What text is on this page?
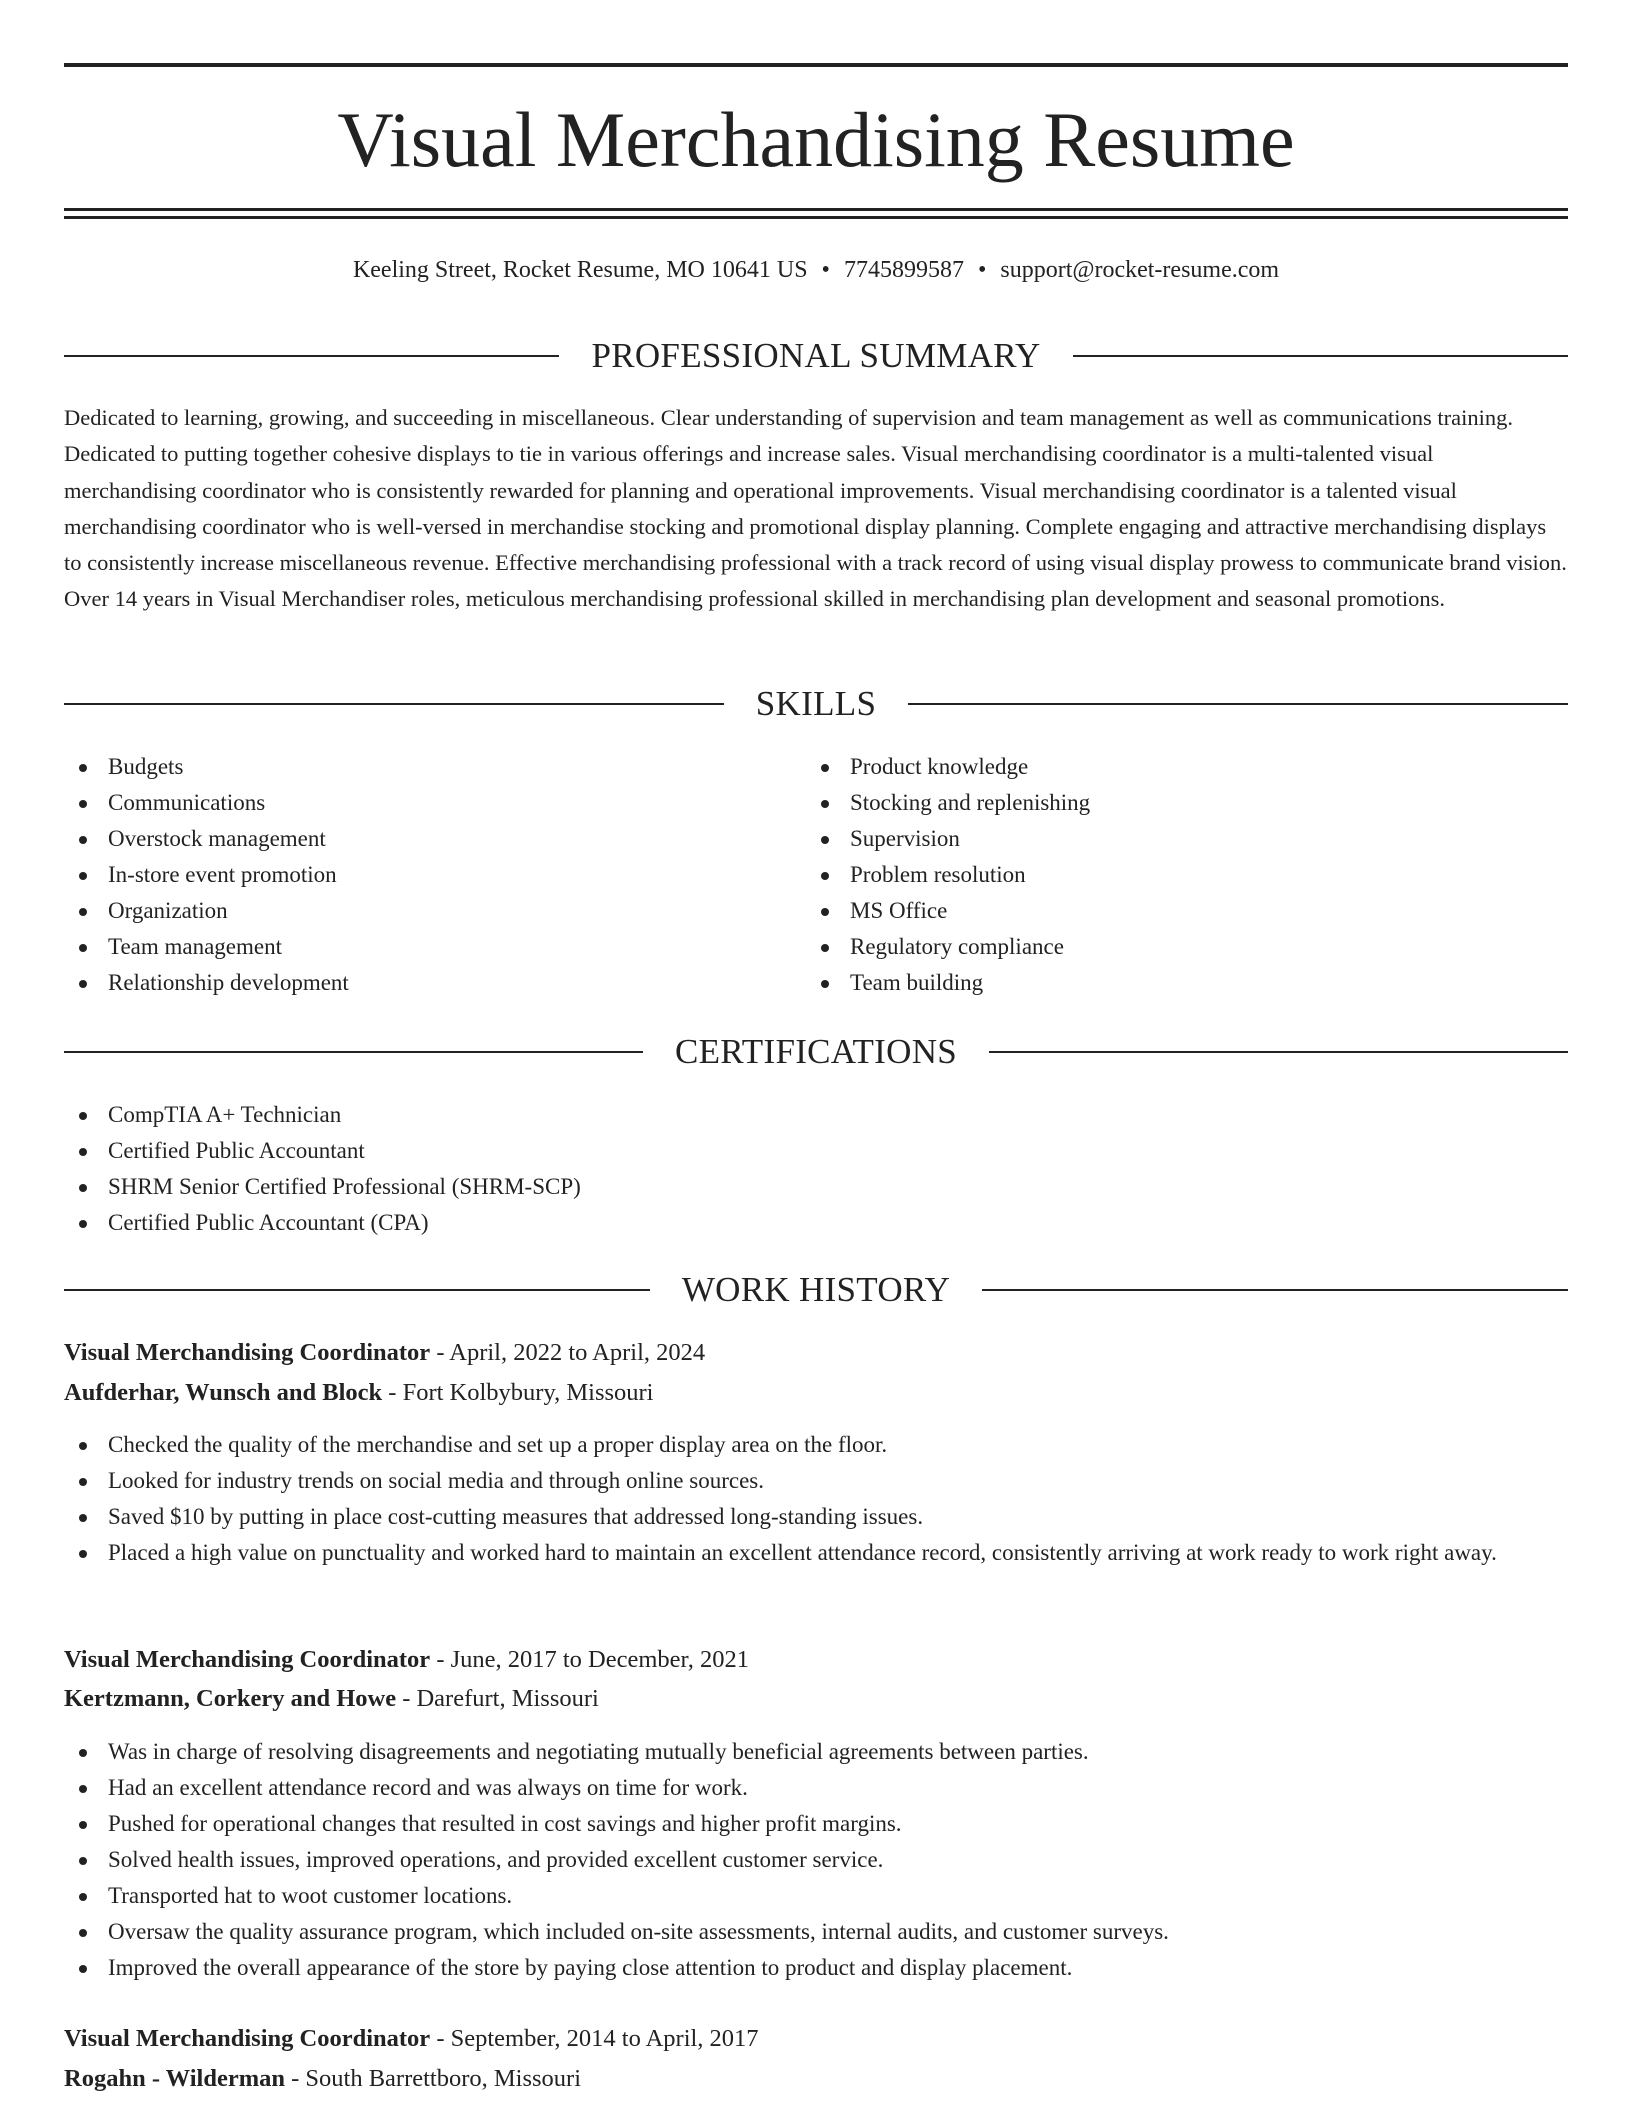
Visual Merchandising Resume
Keeling Street, Rocket Resume, MO 10641 US • 7745899587 • support@rocket-resume.com
PROFESSIONAL SUMMARY

Dedicated to learning, growing, and succeeding in miscellaneous. Clear understanding of supervision and team management as well as communications training. Dedicated to putting together cohesive displays to tie in various offerings and increase sales. Visual merchandising coordinator is a multi-talented visual merchandising coordinator who is consistently rewarded for planning and operational improvements. Visual merchandising coordinator is a talented visual merchandising coordinator who is well-versed in merchandise stocking and promotional display planning. Complete engaging and attractive merchandising displays to consistently increase miscellaneous revenue. Effective merchandising professional with a track record of using visual display prowess to communicate brand vision. Over 14 years in Visual Merchandiser roles, meticulous merchandising professional skilled in merchandising plan development and seasonal promotions.

SKILLS
Budgets
Communications
Overstock management
In-store event promotion
Organization
Team management
Relationship development
Product knowledge
Stocking and replenishing
Supervision
Problem resolution
MS Office
Regulatory compliance
Team building
CERTIFICATIONS
CompTIA A+ Technician
Certified Public Accountant
SHRM Senior Certified Professional (SHRM-SCP)
Certified Public Accountant (CPA)
WORK HISTORY
Visual Merchandising Coordinator - April, 2022 to April, 2024
Aufderhar, Wunsch and Block - Fort Kolbybury, Missouri
Checked the quality of the merchandise and set up a proper display area on the floor.
Looked for industry trends on social media and through online sources.
Saved $10 by putting in place cost-cutting measures that addressed long-standing issues.
Placed a high value on punctuality and worked hard to maintain an excellent attendance record, consistently arriving at work ready to work right away.
Visual Merchandising Coordinator - June, 2017 to December, 2021
Kertzmann, Corkery and Howe - Darefurt, Missouri
Was in charge of resolving disagreements and negotiating mutually beneficial agreements between parties.
Had an excellent attendance record and was always on time for work.
Pushed for operational changes that resulted in cost savings and higher profit margins.
Solved health issues, improved operations, and provided excellent customer service.
Transported hat to woot customer locations.
Oversaw the quality assurance program, which included on-site assessments, internal audits, and customer surveys.
Improved the overall appearance of the store by paying close attention to product and display placement.
Visual Merchandising Coordinator - September, 2014 to April, 2017
Rogahn - Wilderman - South Barrettboro, Missouri
